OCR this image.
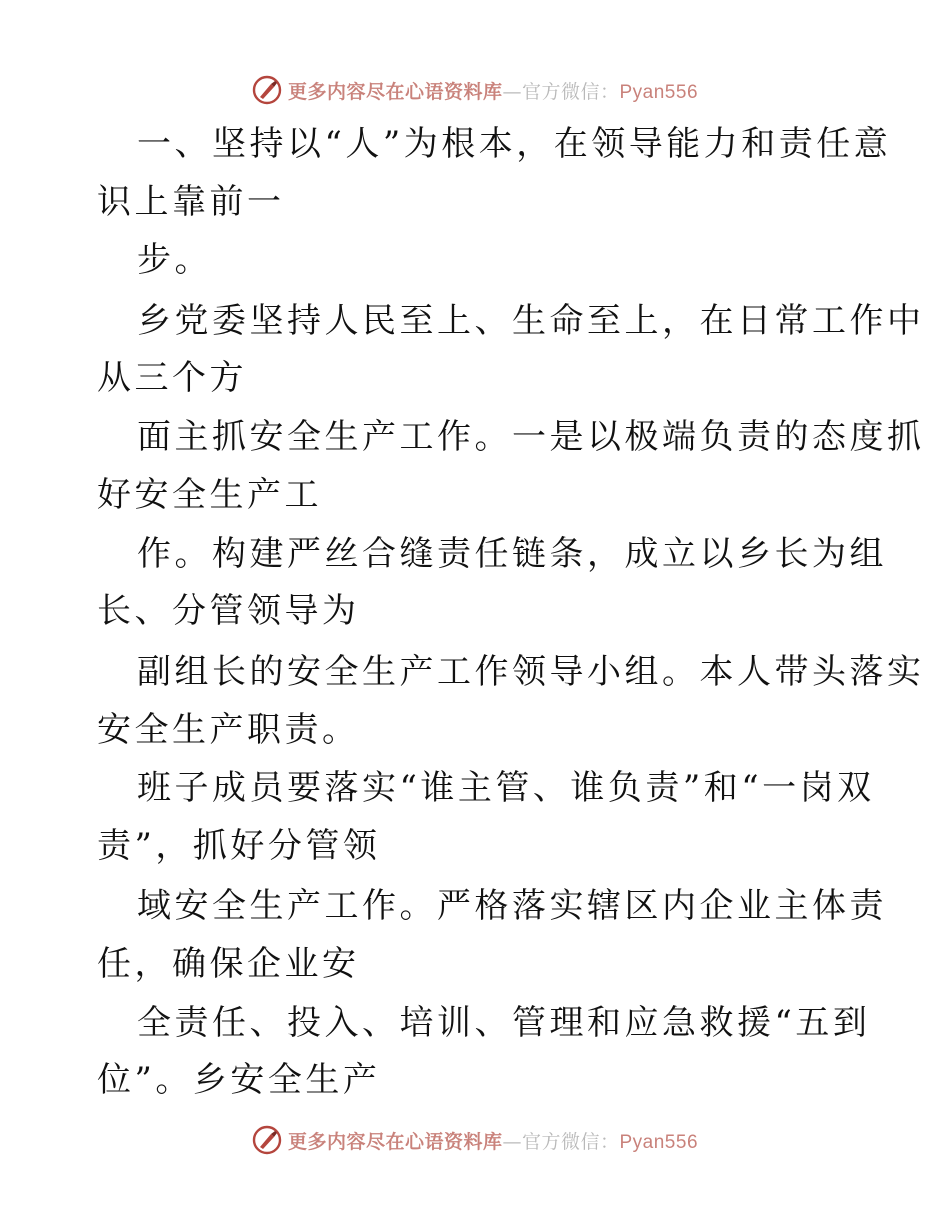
更多内容尽在心语资料库—官方微信：Pyan556
一、坚持以“人”为根本，在领导能力和责任意
识上靠前一
步。
乡党委坚持人民至上、生命至上，在日常工作中
从三个方
面主抓安全生产工作。一是以极端负责的态度抓
好安全生产工
作。构建严丝合缝责任链条，成立以乡长为组
长、分管领导为
副组长的安全生产工作领导小组。本人带头落实
安全生产职责。
班子成员要落实“谁主管、谁负责”和“一岗双
责”，抓好分管领
域安全生产工作。严格落实辖区内企业主体责
任，确保企业安
全责任、投入、培训、管理和应急救援“五到
位”。乡安全生产
更多内容尽在心语资料库—官方微信：Pyan556
